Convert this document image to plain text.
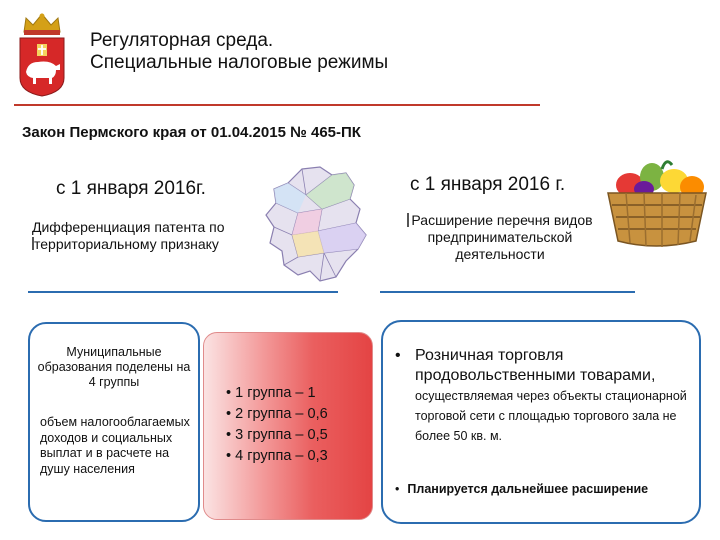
Регуляторная среда.
Специальные налоговые режимы
Закон Пермского края от 01.04.2015 № 465-ПК
с 1 января 2016г.
Дифференциация патента по
территориальному признаку
с 1 января 2016 г.
Расширение перечня видов предпринимательской деятельности
Муниципальные образования поделены на 4 группы
объем налогооблагаемых доходов и социальных выплат и в расчете на душу населения
• 1 группа – 1
• 2 группа – 0,6
• 3 группа – 0,5
• 4 группа – 0,3
• Розничная торговля продовольственными товарами, осуществляемая через объекты стационарной торговой сети с площадью торгового зала не более 50 кв. м.
• Планируется дальнейшее расширение
